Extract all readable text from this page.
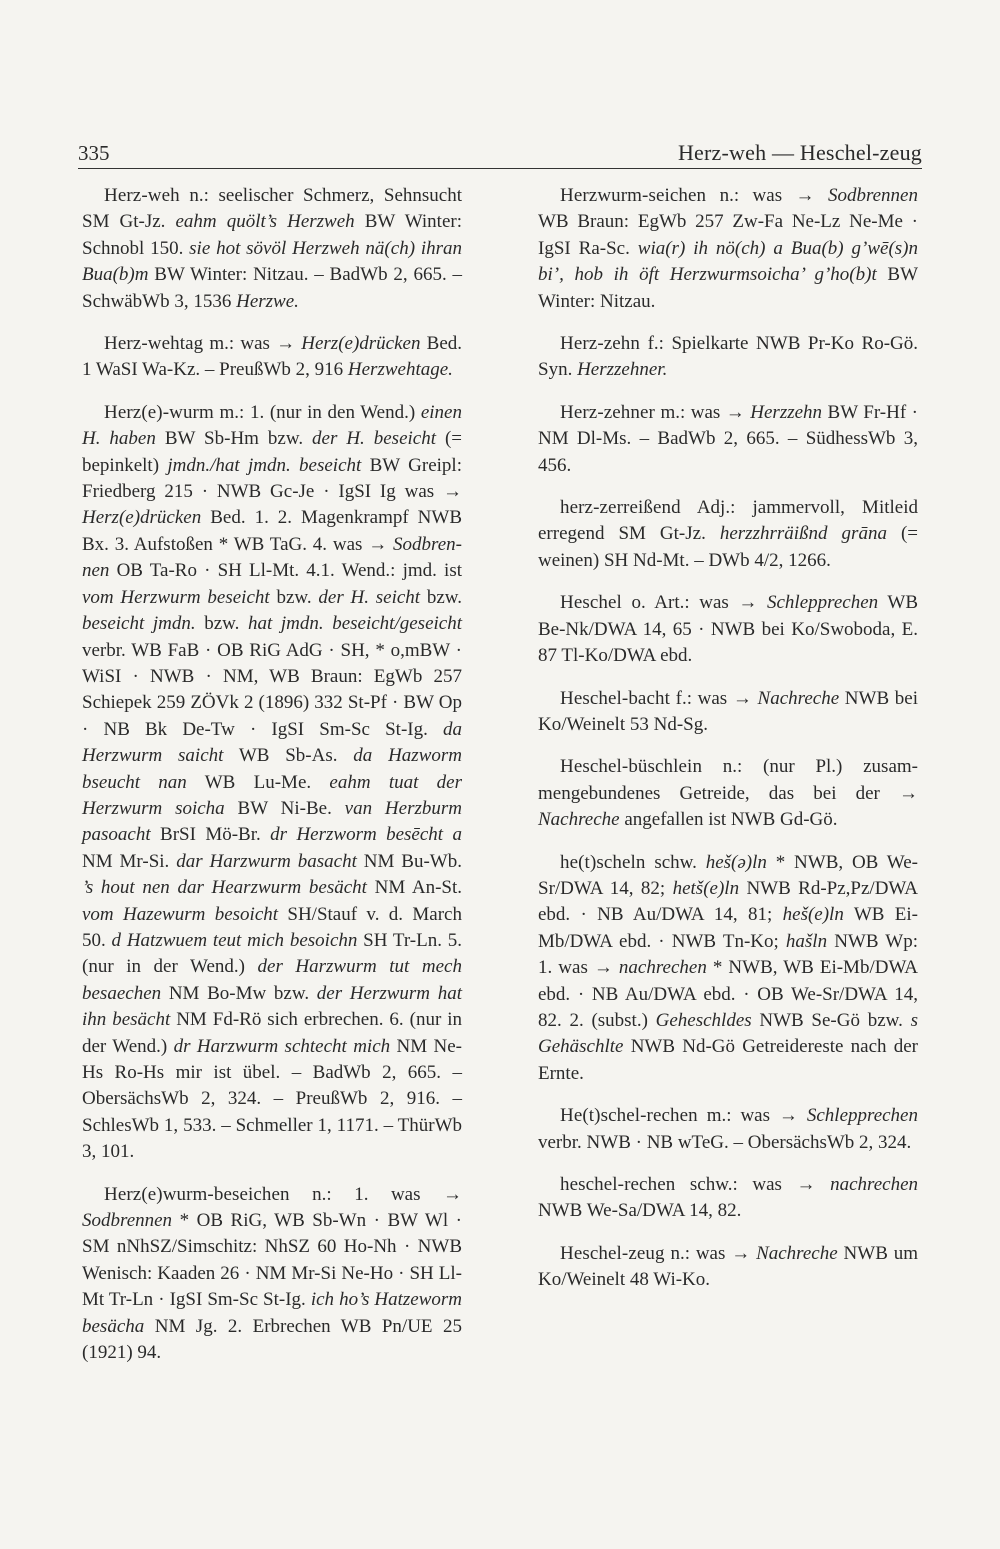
335	Herz-weh — Heschel-zeug

Herz-weh n.: seelischer Schmerz, Sehnsucht SM Gt-Jz. eahm quölt’s Herzweh BW Winter: Schnobl 150. sie hot sövöl Herzweh nä(ch) ihran Bua(b)m BW Winter: Nitzau. – BadWb 2, 665. – SchwäbWb 3, 1536 Herzwe.

Herz-wehtag m.: was → Herz(e)drücken Bed. 1 WaSI Wa-Kz. – PreußWb 2, 916 Herzwehtage.

Herz(e)-wurm m.: 1. (nur in den Wend.) einen H. haben BW Sb-Hm bzw. der H. beseicht (= bepinkelt) jmdn./hat jmdn. beseicht BW Greipl: Friedberg 215 · NWB Gc-Je · IgSI Ig was → Herz(e)drücken Bed. 1. 2. Magenkrampf NWB Bx. 3. Aufstoßen * WB TaG. 4. was → Sodbrennen OB Ta-Ro · SH Ll-Mt. 4.1. Wend.: jmd. ist vom Herzwurm beseicht bzw. der H. seicht bzw. beseicht jmdn. bzw. hat jmdn. beseicht/geseicht verbr. WB FaB · OB RiG AdG · SH, * o,mBW · WiSI · NWB · NM, WB Braun: EgWb 257 Schiepek 259 ZÖVk 2 (1896) 332 St-Pf · BW Op · NB Bk De-Tw · IgSI Sm-Sc St-Ig. da Herzwurm saicht WB Sb-As. da Hazworm bseucht nan WB Lu-Me. eahm tuat der Herzwurm soicha BW Ni-Be. van Herzburm pasoacht BrSI Mö-Br. dr Herzworm besēcht a NM Mr-Si. dar Harzwurm basacht NM Bu-Wb. ’s hout nen dar Hearzwurm besächt NM An-St. vom Hazewurm besoicht SH/Stauf v. d. March 50. d Hatzwuem teut mich besoichn SH Tr-Ln. 5. (nur in der Wend.) der Harzwurm tut mech besaechen NM Bo-Mw bzw. der Herzwurm hat ihn besächt NM Fd-Rö sich erbrechen. 6. (nur in der Wend.) dr Harzwurm schtecht mich NM Ne-Hs Ro-Hs mir ist übel. – BadWb 2, 665. – ObersächsWb 2, 324. – PreußWb 2, 916. – SchlesWb 1, 533. – Schmeller 1, 1171. – ThürWb 3, 101.

Herz(e)wurm-beseichen n.: 1. was → Sodbrennen * OB RiG, WB Sb-Wn · BW Wl · SM nNhSZ/Simschitz: NhSZ 60 Ho-Nh · NWB Wenisch: Kaaden 26 · NM Mr-Si Ne-Ho · SH Ll-Mt Tr-Ln · IgSI Sm-Sc St-Ig. ich ho’s Hatzeworm besächa NM Jg. 2. Erbrechen WB Pn/UE 25 (1921) 94.

Herzwurm-seichen n.: was → Sodbrennen WB Braun: EgWb 257 Zw-Fa Ne-Lz Ne-Me · IgSI Ra-Sc. wia(r) ih nö(ch) a Bua(b) g’wē(s)n bi’, hob ih öft Herzwurmsoicha’ g’ho(b)t BW Winter: Nitzau.

Herz-zehn f.: Spielkarte NWB Pr-Ko Ro-Gö. Syn. Herzzehner.

Herz-zehner m.: was → Herzzehn BW Fr-Hf · NM Dl-Ms. – BadWb 2, 665. – SüdhessWb 3, 456.

herz-zerreißend Adj.: jammervoll, Mitleid erregend SM Gt-Jz. herzzhrräißnd grāna (= weinen) SH Nd-Mt. – DWb 4/2, 1266.

Heschel o. Art.: was → Schlepprechen WB Be-Nk/DWA 14, 65 · NWB bei Ko/Swoboda, E. 87 Tl-Ko/DWA ebd.

Heschel-bacht f.: was → Nachreche NWB bei Ko/Weinelt 53 Nd-Sg.

Heschel-büschlein n.: (nur Pl.) zusammengebundenes Getreide, das bei der → Nachreche angefallen ist NWB Gd-Gö.

he(t)scheln schw. heš(ə)ln * NWB, OB We-Sr/DWA 14, 82; hetš(e)ln NWB Rd-Pz,Pz/DWA ebd. · NB Au/DWA 14, 81; heš(e)ln WB Ei-Mb/DWA ebd. · NWB Tn-Ko; hašln NWB Wp: 1. was → nachrechen * NWB, WB Ei-Mb/DWA ebd. · NB Au/DWA ebd. · OB We-Sr/DWA 14, 82. 2. (subst.) Geheschldes NWB Se-Gö bzw. s Gehäschlte NWB Nd-Gö Getreidereste nach der Ernte.

He(t)schel-rechen m.: was → Schlepprechen verbr. NWB · NB wTeG. – ObersächsWb 2, 324.

heschel-rechen schw.: was → nachrechen NWB We-Sa/DWA 14, 82.

Heschel-zeug n.: was → Nachreche NWB um Ko/Weinelt 48 Wi-Ko.
